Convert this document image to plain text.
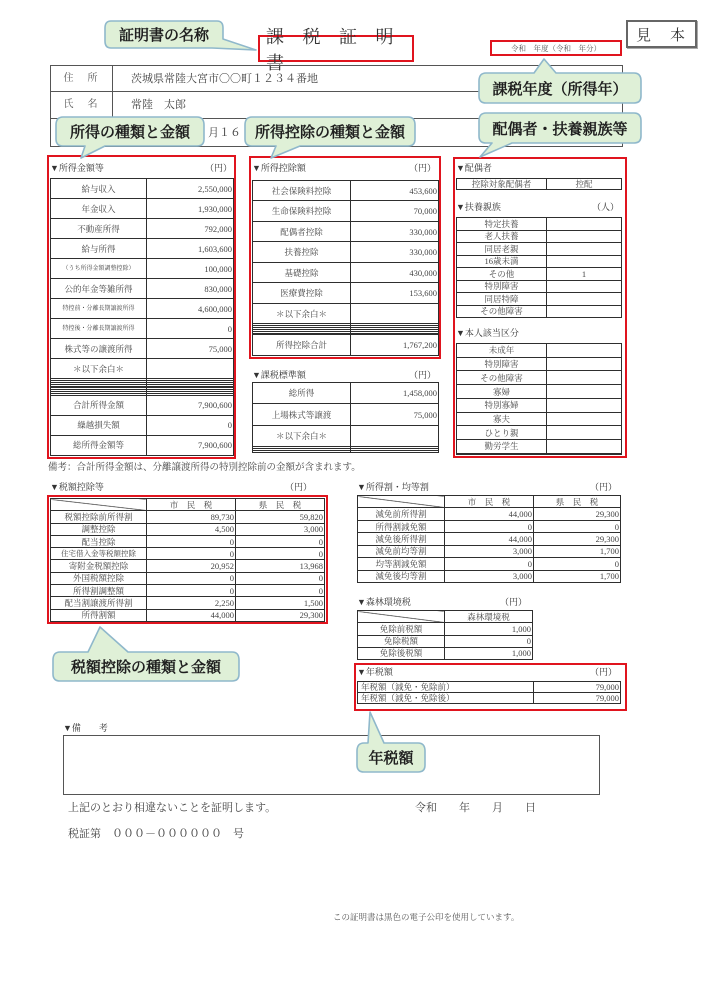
課 税 証 明 書
令和　年度（令和　年分）
見　本
住　所	茨城県常陸大宮市〇〇町１２３４番地
氏　名	常陸　太郎
	月１６
▼所得金額等	（円）
給与収入	2,550,000
年金収入	1,930,000
不動産所得	792,000
給与所得	1,603,600
（うち所得金額調整控除）	100,000
公的年金等雑所得	830,000
特控前・分離長期譲渡所得	4,600,000
特控後・分離長期譲渡所得	0
株式等の譲渡所得	75,000
＊以下余白＊	

合計所得金額	7,900,600
繰越損失額	0
総所得金額等	7,900,600
▼所得控除額	（円）
社会保険料控除	453,600
生命保険料控除	70,000
配偶者控除	330,000
扶養控除	330,000
基礎控除	430,000
医療費控除	153,600
＊以下余白＊	

所得控除合計	1,767,200
▼課税標準額	（円）
総所得	1,458,000
上場株式等譲渡	75,000
＊以下余白＊	

▼配偶者
控除対象配偶者	控配
▼扶養親族	（人）
特定扶養	
老人扶養	
同居老親	
16歳未満	
その他	1
特別障害	
同居特障	
その他障害	
▼本人該当区分
未成年	
特別障害	
その他障害	
寡婦	
特別寡婦	
寡夫	
ひとり親	
勤労学生	

備考：合計所得金額は、分離譲渡所得の特別控除前の金額が含まれます。
▼税額控除等	（円）
	市　民　税	県　民　税
税額控除前所得割	89,730	59,820
調整控除	4,500	3,000
配当控除	0	0
住宅借入金等税額控除	0	0
寄附金税額控除	20,952	13,968
外国税額控除	0	0
所得割調整額	0	0
配当割譲渡所得割	2,250	1,500
所得割額	44,000	29,300
▼所得割・均等割	（円）
	市　民　税	県　民　税
減免前所得割	44,000	29,300
所得割減免額	0	0
減免後所得割	44,000	29,300
減免前均等割	3,000	1,700
均等割減免額	0	0
減免後均等割	3,000	1,700
▼森林環境税	（円）
	森林環境税
免除前税額	1,000
免除税額	0
免除後税額	1,000
▼年税額	（円）
年税額（減免・免除前）	79,000
年税額（減免・免除後）	79,000
▼備　　考
上記のとおり相違ないことを証明します。	令和　　年　　月　　日
税証第　０００－００００００　号
この証明書は黒色の電子公印を使用しています。
証明書の名称
課税年度（所得年）
配偶者・扶養親族等
所得の種類と金額	所得控除の種類と金額
税額控除の種類と金額
年税額
